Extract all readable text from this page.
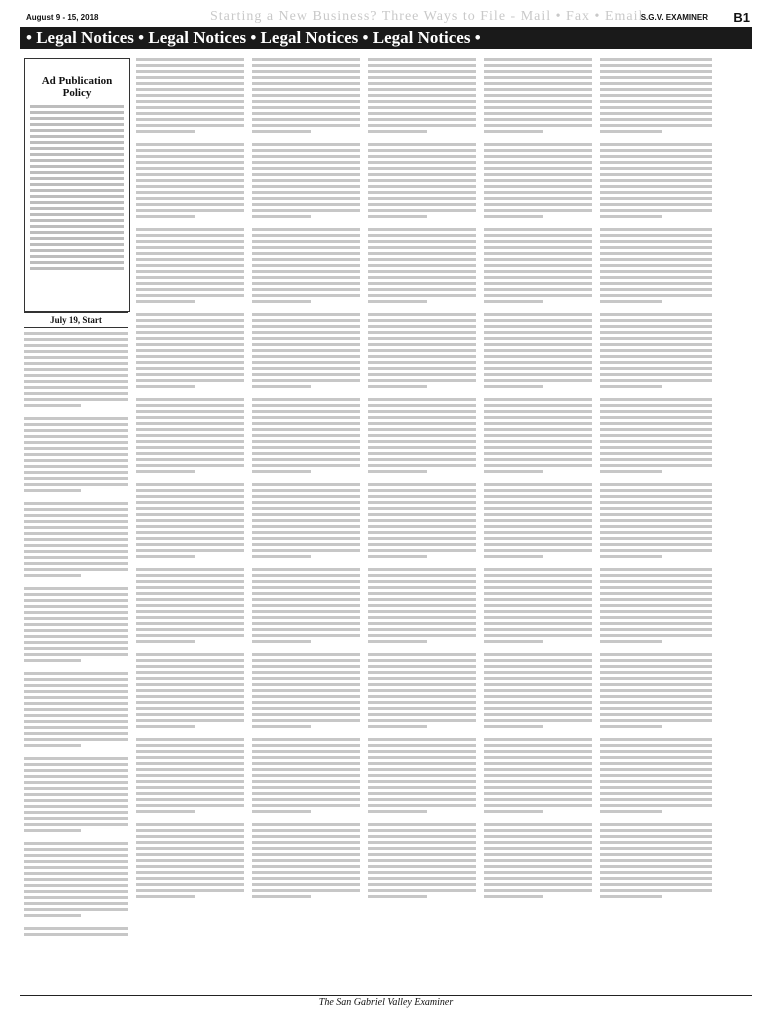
August 9 - 15, 2018	Starting a New Business? Three Ways to File - Mail • Fax • Email
S.G.V. EXAMINER B1
• Legal Notices • Legal Notices • Legal Notices • Legal Notices •
Ad Publication Policy
July 19, Start
The San Gabriel Valley Examiner
